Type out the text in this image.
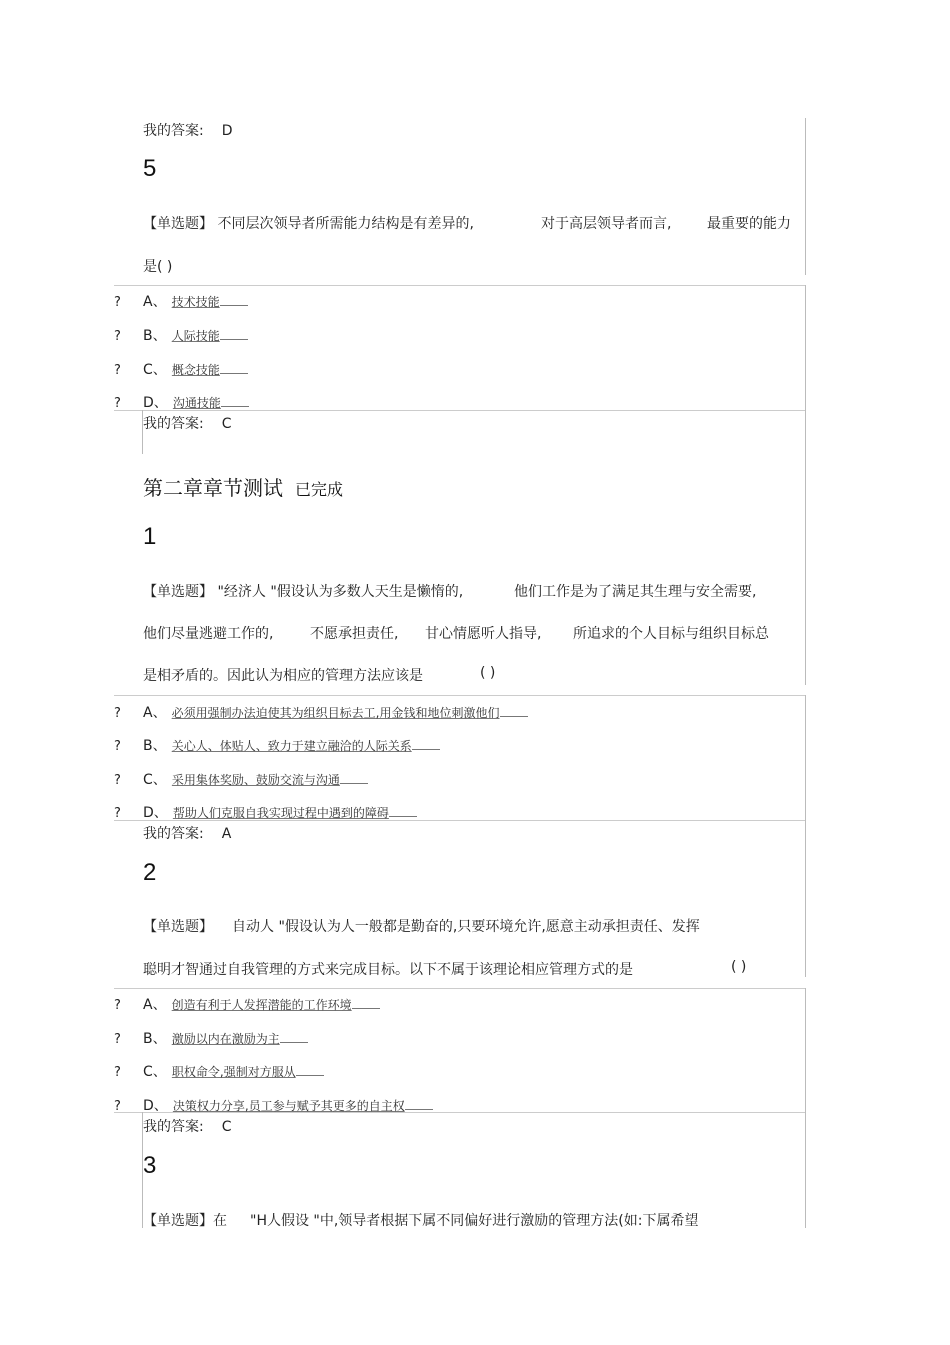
我的答案: D
5
【单选题】 不同层次领导者所需能力结构是有差异的,	对于高层领导者而言,	最重要的能力
是( )
? A、 技术技能
? B、 人际技能
? C、 概念技能
? D、 沟通技能
我的答案: C
第二章章节测试 已完成
1
【单选题】 "经济人 "假设认为多数人天生是懒惰的,	他们工作是为了满足其生理与安全需要,
他们尽量逃避工作的,	不愿承担责任, 甘心情愿听人指导, 所追求的个人目标与组织目标总
是相矛盾的。因此认为相应的管理方法应该是	( )
? A、 必须用强制办法迫使其为组织目标去工,用金钱和地位刺激他们
? B、 关心人、体贴人、致力于建立融洽的人际关系
? C、 采用集体奖励、鼓励交流与沟通
? D、 帮助人们克服自我实现过程中遇到的障碍
我的答案: A
2
【单选题】 自动人 "假设认为人一般都是勤奋的,只要环境允许,愿意主动承担责任、发挥
聪明才智通过自我管理的方式来完成目标。以下不属于该理论相应管理方式的是	( )
? A、 创造有利于人发挥潜能的工作环境
? B、 激励以内在激励为主
? C、 职权命令,强制对方服从
? D、 决策权力分享,员工参与赋予其更多的自主权
我的答案: C
3
【单选题】在 "H人假设 "中,领导者根据下属不同偏好进行激励的管理方法(如:下属希望
